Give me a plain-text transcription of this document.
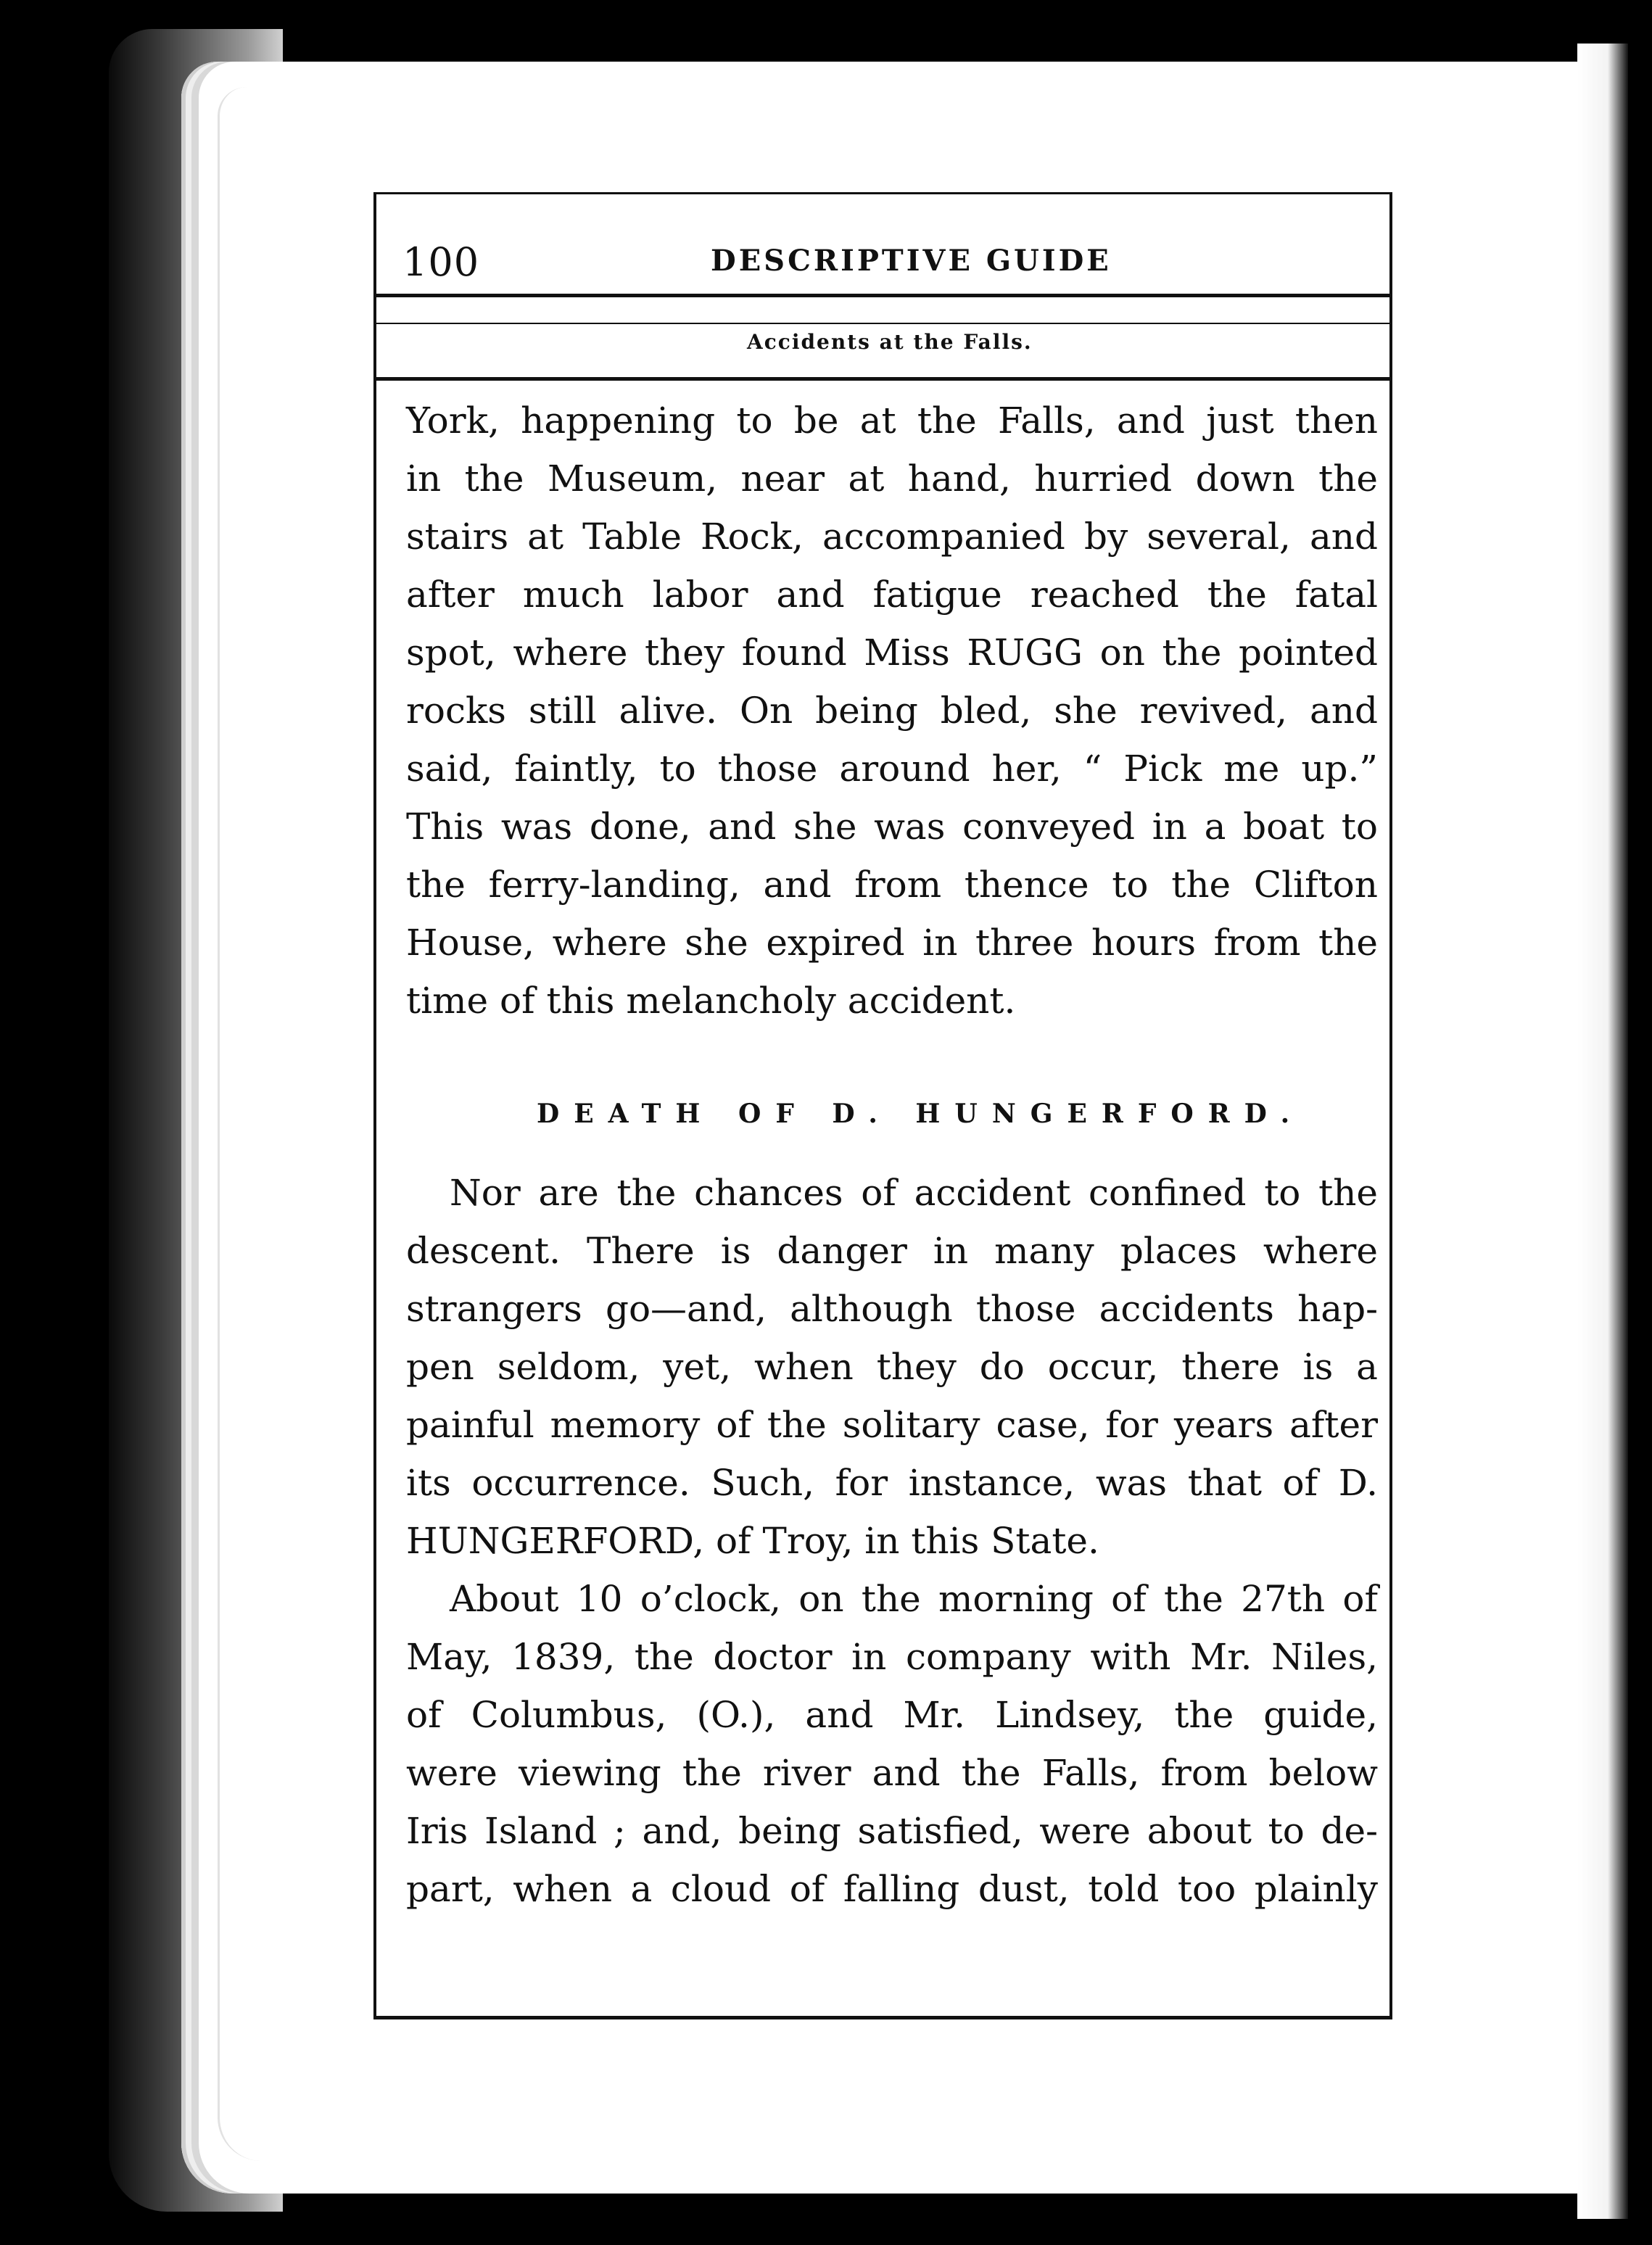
100	DESCRIPTIVE GUIDE
Accidents at the Falls.
York, happening to be at the Falls, and just then
in the Museum, near at hand, hurried down the
stairs at Table Rock, accompanied by several, and
after much labor and fatigue reached the fatal
spot, where they found Miss RUGG on the pointed
rocks still alive. On being bled, she revived, and
said, faintly, to those around her, “ Pick me up.”
This was done, and she was conveyed in a boat to
the ferry-landing, and from thence to the Clifton
House, where she expired in three hours from the
time of this melancholy accident.
DEATH OF D. HUNGERFORD.
Nor are the chances of accident confined to the
descent. There is danger in many places where
strangers go—and, although those accidents hap-
pen seldom, yet, when they do occur, there is a
painful memory of the solitary case, for years after
its occurrence. Such, for instance, was that of D.
HUNGERFORD, of Troy, in this State.
About 10 o’clock, on the morning of the 27th of
May, 1839, the doctor in company with Mr. Niles,
of Columbus, (O.), and Mr. Lindsey, the guide,
were viewing the river and the Falls, from below
Iris Island ; and, being satisfied, were about to de-
part, when a cloud of falling dust, told too plainly
